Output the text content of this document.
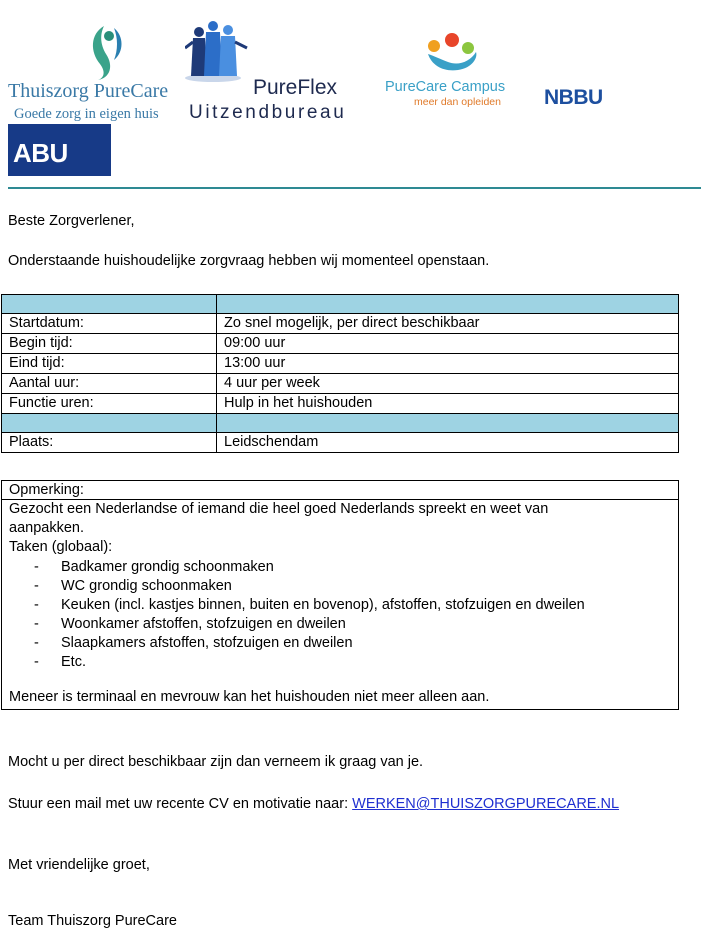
Thuiszorg PureCare
Goede zorg in eigen huis
PureFlex
Uitzendbureau
PureCare Campus
meer dan opleiden NBBU
ABU
Beste Zorgverlener,
Onderstaande huishoudelijke zorgvraag hebben wij momenteel openstaan.

Startdatum:	Zo snel mogelijk, per direct beschikbaar
Begin tijd:	09:00 uur
Eind tijd:	13:00 uur
Aantal uur:	4 uur per week
Functie uren:	Hulp in het huishouden

Plaats:	Leidschendam
Opmerking:
Gezocht een Nederlandse of iemand die heel goed Nederlands spreekt en weet van
aanpakken.
Taken (globaal):
- Badkamer grondig schoonmaken
- WC grondig schoonmaken
- Keuken (incl. kastjes binnen, buiten en bovenop), afstoffen, stofzuigen en dweilen
- Woonkamer afstoffen, stofzuigen en dweilen
- Slaapkamers afstoffen, stofzuigen en dweilen
- Etc.
Meneer is terminaal en mevrouw kan het huishouden niet meer alleen aan.
Mocht u per direct beschikbaar zijn dan verneem ik graag van je.
Stuur een mail met uw recente CV en motivatie naar: WERKEN@THUISZORGPURECARE.NL
Met vriendelijke groet,
Team Thuiszorg PureCare
